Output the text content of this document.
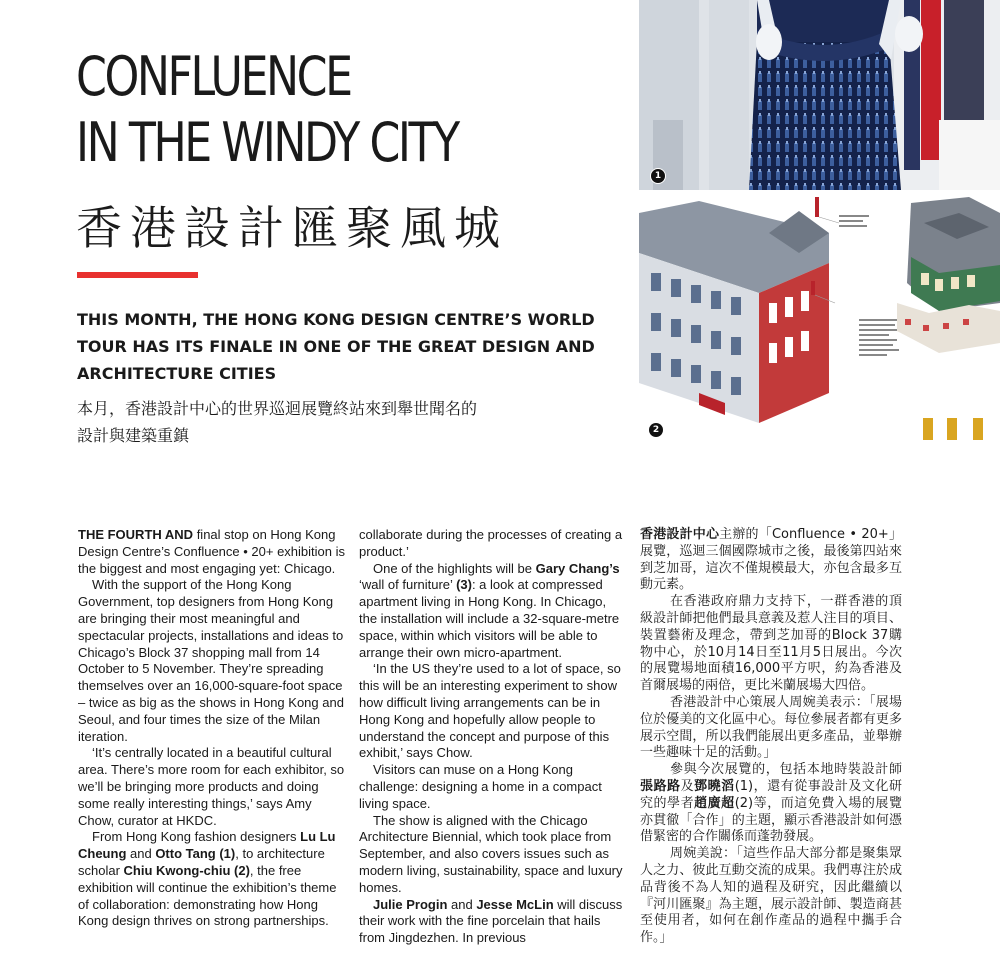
CONFLUENCE
IN THE WINDY CITY
香港設計匯聚風城

THIS MONTH, THE HONG KONG DESIGN CENTRE’S WORLD TOUR HAS ITS FINALE IN ONE OF THE GREAT DESIGN AND ARCHITECTURE CITIES

本月，香港設計中心的世界巡迴展覽終站來到舉世聞名的
設計與建築重鎮

1
2

THE FOURTH AND final stop on Hong Kong Design Centre’s Confluence • 20+ exhibition is the biggest and most engaging yet: Chicago.

With the support of the Hong Kong Government, top designers from Hong Kong are bringing their most meaningful and spectacular projects, installations and ideas to Chicago’s Block 37 shopping mall from 14 October to 5 November. They’re spreading themselves over an 16,000-square-foot space – twice as big as the shows in Hong Kong and Seoul, and four times the size of the Milan iteration.

‘It’s centrally located in a beautiful cultural area. There’s more room for each exhibitor, so we’ll be bringing more products and doing some really interesting things,’ says Amy Chow, curator at HKDC.

From Hong Kong fashion designers Lu Lu Cheung and Otto Tang (1), to architecture scholar Chiu Kwong-chiu (2), the free exhibition will continue the exhibition’s theme of collaboration: demonstrating how Hong Kong design thrives on strong partnerships.

collaborate during the processes of creating a product.’

One of the highlights will be Gary Chang’s ‘wall of furniture’ (3): a look at compressed apartment living in Hong Kong. In Chicago, the installation will include a 32-square-metre space, within which visitors will be able to arrange their own micro-apartment.

‘In the US they’re used to a lot of space, so this will be an interesting experiment to show how difficult living arrangements can be in Hong Kong and hopefully allow people to understand the concept and purpose of this exhibit,’ says Chow.

Visitors can muse on a Hong Kong challenge: designing a home in a compact living space.

The show is aligned with the Chicago Architecture Biennial, which took place from September, and also covers issues such as modern living, sustainability, space and luxury homes.

Julie Progin and Jesse McLin will discuss their work with the fine porcelain that hails from Jingdezhen. In previous

香港設計中心主辦的「Confluence • 20+」展覽，巡迴三個國際城市之後，最後第四站來到芝加哥，這次不僅規模最大，亦包含最多互動元素。

在香港政府鼎力支持下，一群香港的頂級設計師把他們最具意義及惹人注目的項目、裝置藝術及理念，帶到芝加哥的Block 37購物中心，於10月14日至11月5日展出。今次的展覽場地面積16,000平方呎，約為香港及首爾展場的兩倍，更比米蘭展場大四倍。

香港設計中心策展人周婉美表示：「展場位於優美的文化區中心。每位參展者都有更多展示空間，所以我們能展出更多產品，並舉辦一些趣味十足的活動。」

參與今次展覽的，包括本地時裝設計師張路路及鄧曉滔(1)，還有從事設計及文化研究的學者趙廣超(2)等，而這免費入場的展覽亦貫徹「合作」的主題，顯示香港設計如何憑借緊密的合作關係而蓬勃發展。

周婉美說：「這些作品大部分都是聚集眾人之力、彼此互動交流的成果。我們專注於成品背後不為人知的過程及研究，因此繼續以『河川匯聚』為主題，展示設計師、製造商甚至使用者，如何在創作產品的過程中攜手合作。」
